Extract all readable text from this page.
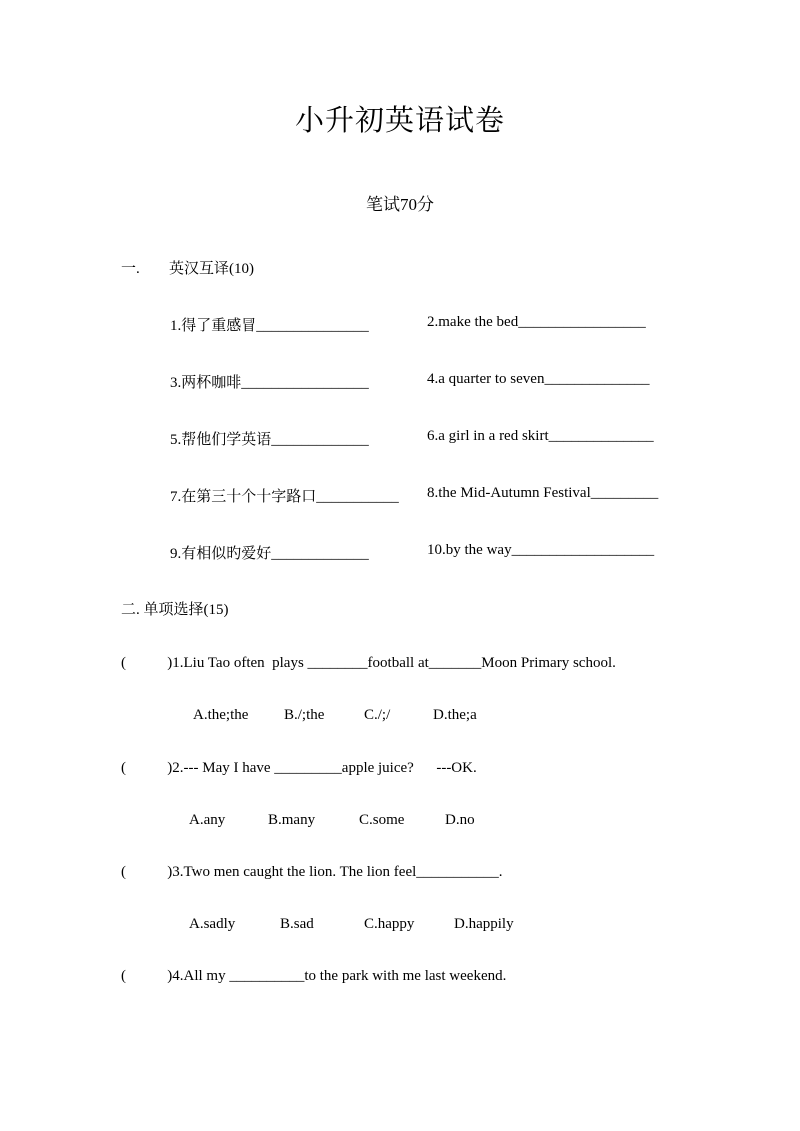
小升初英语试卷
笔试70分
一. 英汉互译(10)
1.得了重感冒_______________	2.make the bed_________________
3.两杯咖啡_________________	4.a quarter to seven______________
5.帮他们学英语_____________	6.a girl in a red skirt______________
7.在第三十个十字路口___________ 8.the Mid-Autumn Festival_________
9.有相似旳爱好_____________	10.by the way___________________
二. 单项选择(15)
(           )1.Liu Tao often  plays ________football at_______Moon Primary school.
A.the;the B./;the	C./;/	D.the;a
(           )2.--- May I have _________apple juice?      ---OK.
A.any	B.many	C.some	D.no
(           )3.Two men caught the lion. The lion feel___________.
A.sadly	B.sad	C.happy	D.happily
(           )4.All my __________to the park with me last weekend.
